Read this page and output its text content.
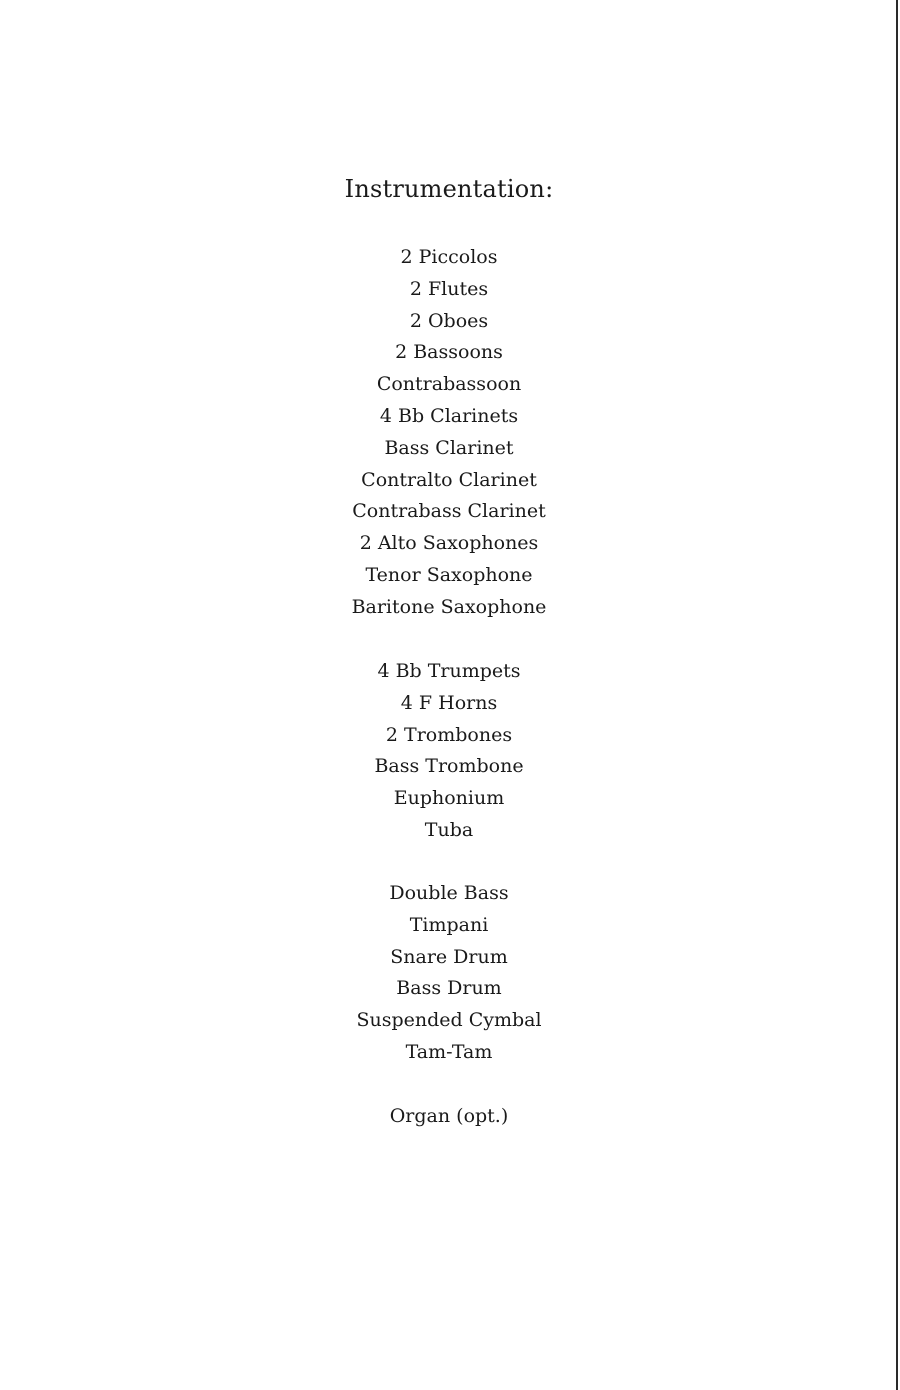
Instrumentation:
2 Piccolos
2 Flutes
2 Oboes
2 Bassoons
Contrabassoon
4 Bb Clarinets
Bass Clarinet
Contralto Clarinet
Contrabass Clarinet
2 Alto Saxophones
Tenor Saxophone
Baritone Saxophone
4 Bb Trumpets
4 F Horns
2 Trombones
Bass Trombone
Euphonium
Tuba
Double Bass
Timpani
Snare Drum
Bass Drum
Suspended Cymbal
Tam-Tam
Organ (opt.)
